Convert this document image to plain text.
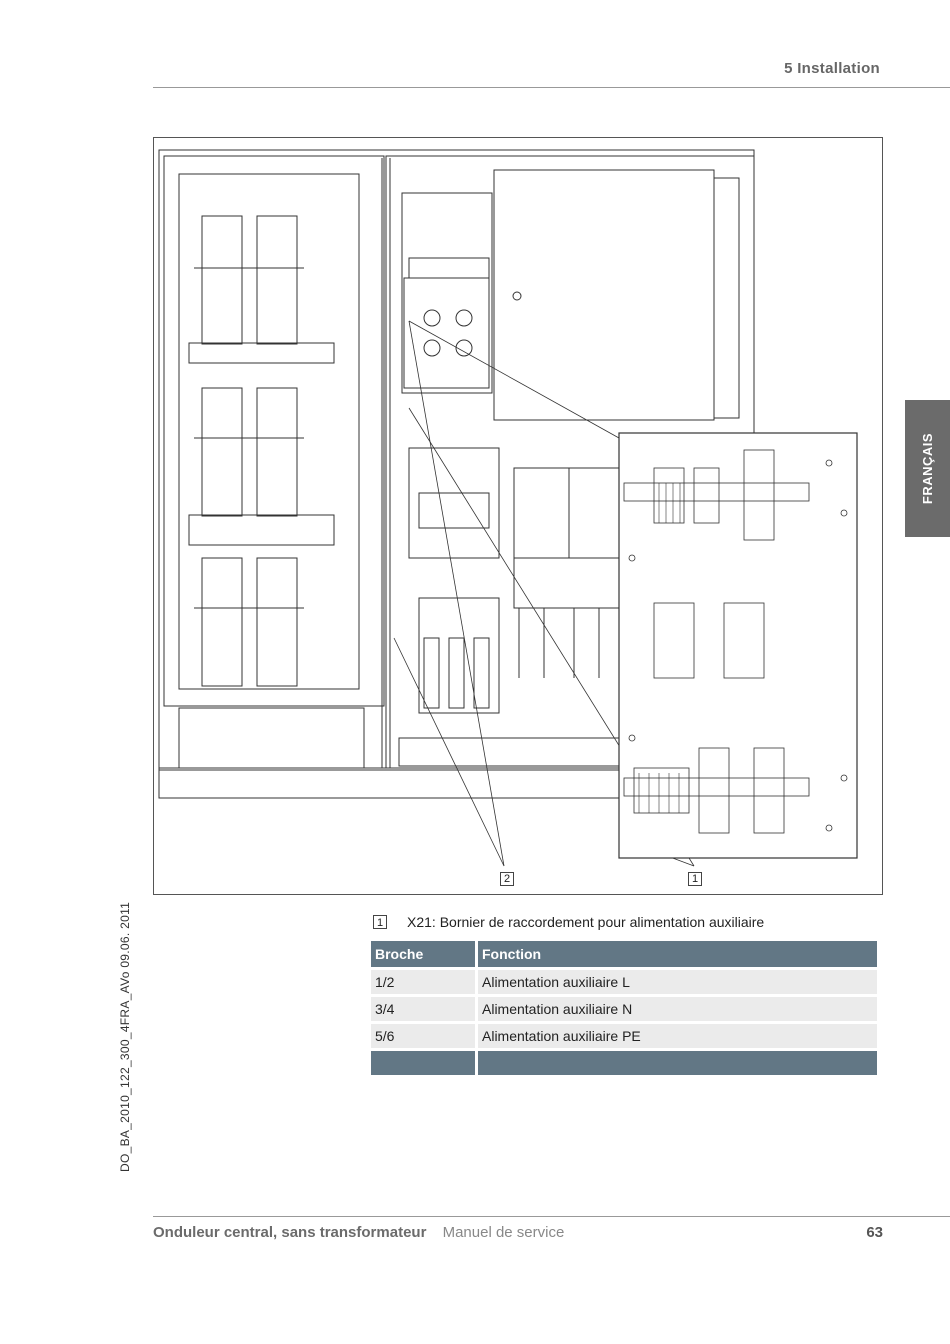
5 Installation
FRANÇAIS
DO_BA_2010_122_300_4FRA_AVo 09.06. 2011
2	1
1 X21: Bornier de raccordement pour alimentation auxiliaire
Broche	Fonction
1/2	Alimentation auxiliaire L
3/4	Alimentation auxiliaire N
5/6	Alimentation auxiliaire PE

Onduleur central, sans transformateur Manuel de service	63
